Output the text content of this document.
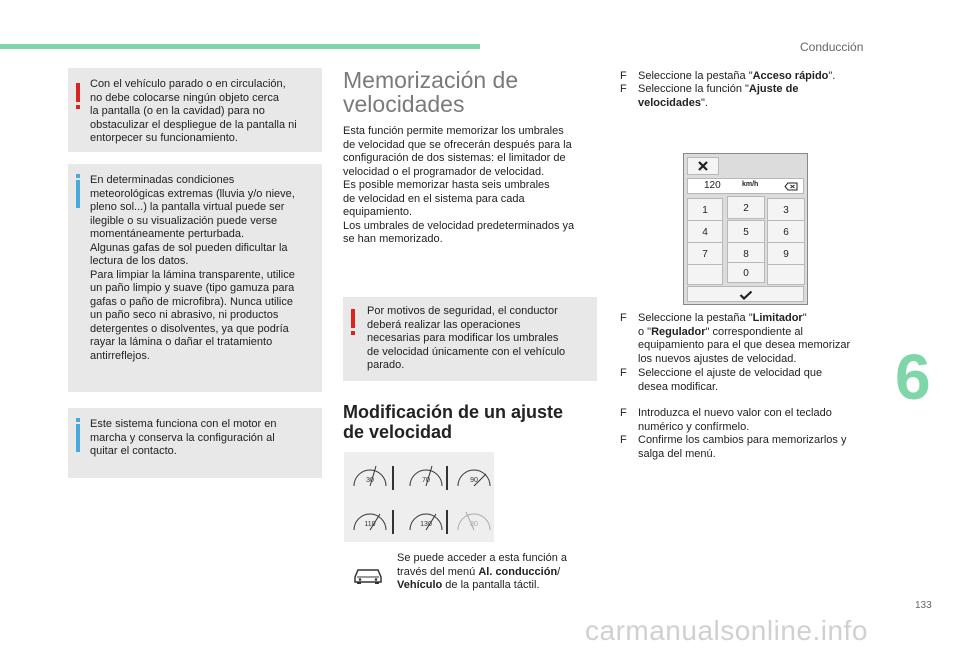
Conducción
6
133
carmanualsonline.info
Con el vehículo parado o en circulación,
no debe colocarse ningún objeto cerca
la pantalla (o en la cavidad) para no
obstaculizar el despliegue de la pantalla ni
entorpecer su funcionamiento.
En determinadas condiciones
meteorológicas extremas (lluvia y/o nieve,
pleno sol...) la pantalla virtual puede ser
ilegible o su visualización puede verse
momentáneamente perturbada.
Algunas gafas de sol pueden dificultar la
lectura de los datos.
Para limpiar la lámina transparente, utilice
un paño limpio y suave (tipo gamuza para
gafas o paño de microfibra). Nunca utilice
un paño seco ni abrasivo, ni productos
detergentes o disolventes, ya que podría
rayar la lámina o dañar el tratamiento
antirreflejos.
Este sistema funciona con el motor en
marcha y conserva la configuración al
quitar el contacto.
Memorización de
velocidades
Esta función permite memorizar los umbrales
de velocidad que se ofrecerán después para la
configuración de dos sistemas: el limitador de
velocidad o el programador de velocidad.
Es posible memorizar hasta seis umbrales
de velocidad en el sistema para cada
equipamiento.
Los umbrales de velocidad predeterminados ya
se han memorizado.
Por motivos de seguridad, el conductor
deberá realizar las operaciones
necesarias para modificar los umbrales
de velocidad únicamente con el vehículo
parado.
Modificación de un ajuste
de velocidad
30	70	90
110	130	30
Se puede acceder a esta función a
través del menú Al. conducción/
Vehículo de la pantalla táctil.
F Seleccione la pestaña "Acceso rápido".
F Seleccione la función "Ajuste de
velocidades".
120	km/h
1	2	3
4	5	6
7	8	9
0
F Seleccione la pestaña "Limitador"
o "Regulador" correspondiente al
equipamiento para el que desea memorizar
los nuevos ajustes de velocidad.
F Seleccione el ajuste de velocidad que
desea modificar.
F Introduzca el nuevo valor con el teclado
numérico y confírmelo.
F Confirme los cambios para memorizarlos y
salga del menú.
